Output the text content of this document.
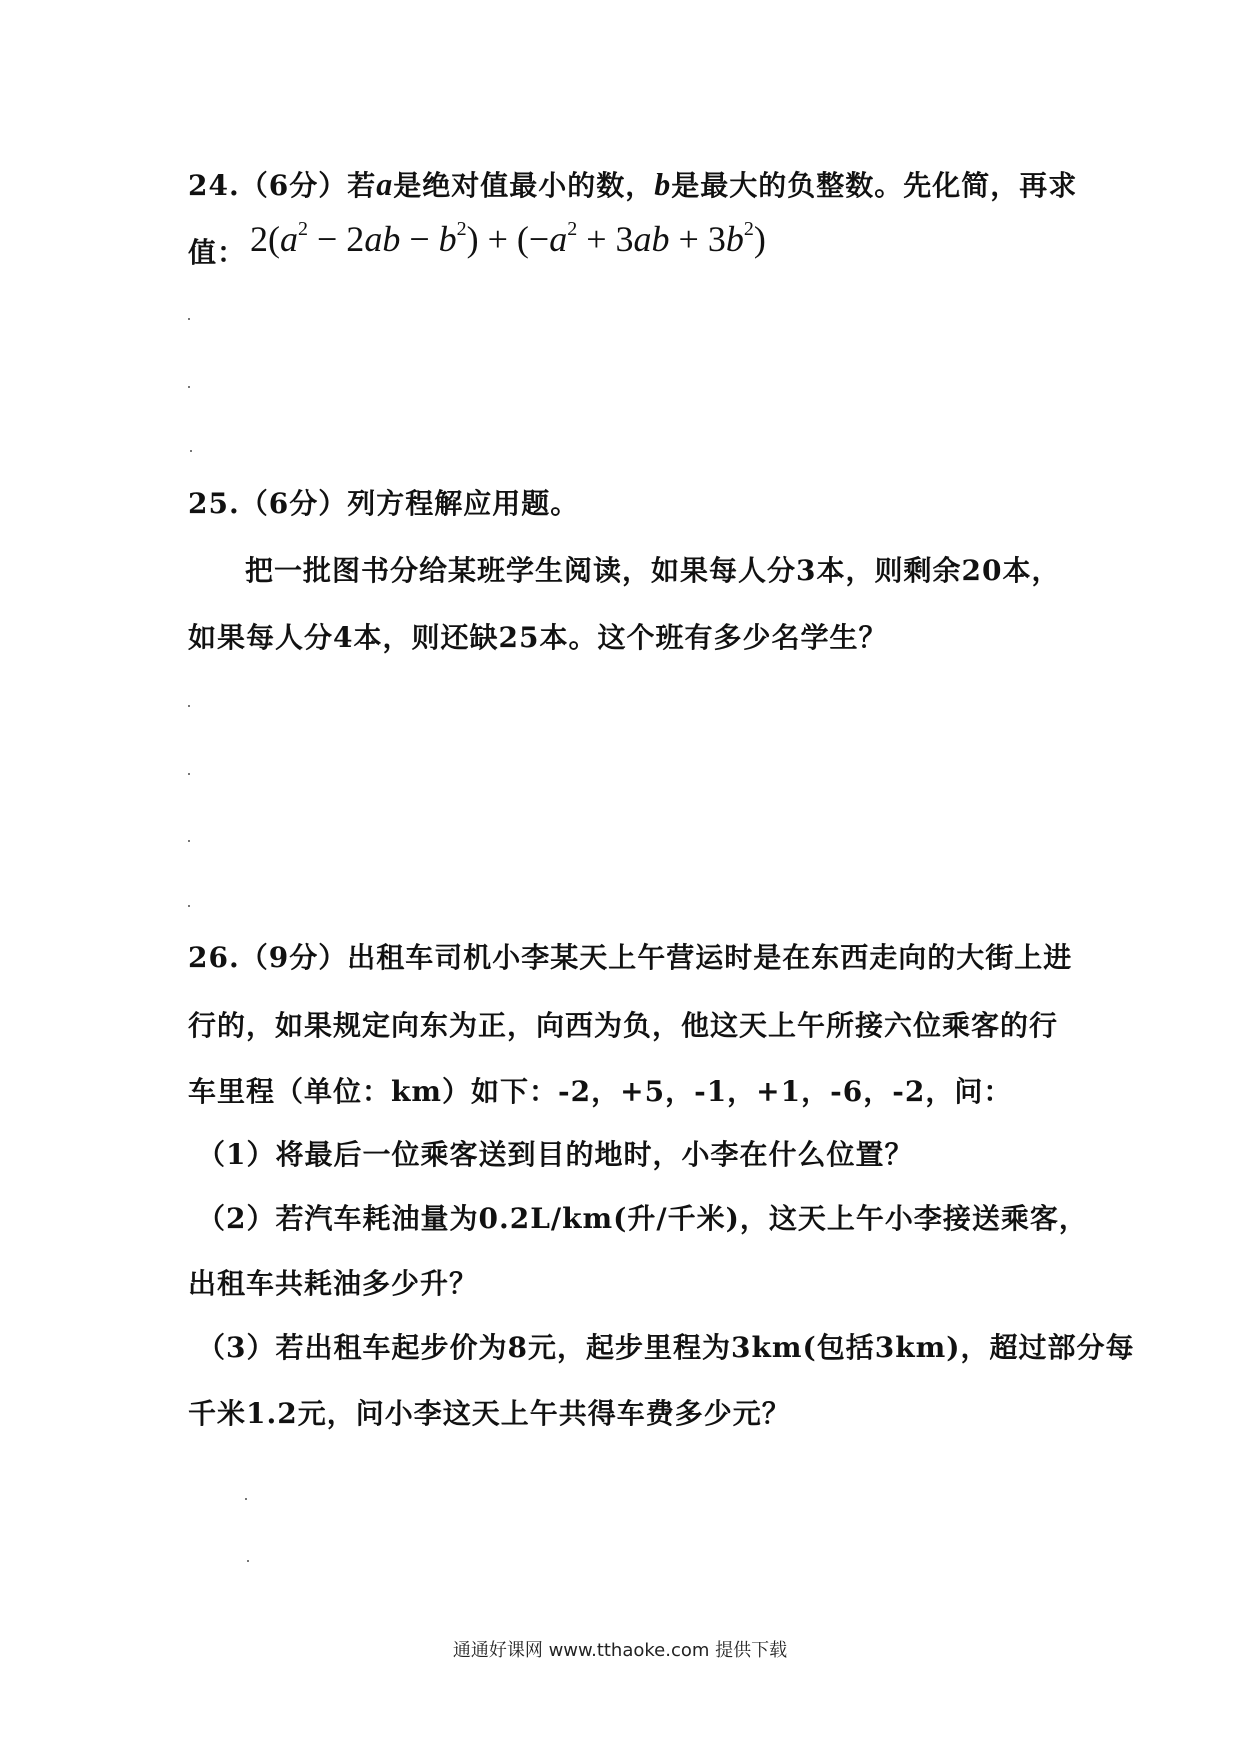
24.（6分）若a是绝对值最小的数，b是最大的负整数。先化简，再求
值： $2(a^2 - 2ab - b^2) + (-a^2 + 3ab + 3b^2)$
25.（6分）列方程解应用题。
把一批图书分给某班学生阅读，如果每人分3本，则剩余20本，
如果每人分4本，则还缺25本。这个班有多少名学生？
26.（9分）出租车司机小李某天上午营运时是在东西走向的大街上进
行的，如果规定向东为正，向西为负，他这天上午所接六位乘客的行
车里程（单位：km）如下：-2，+5，-1，+1，-6，-2，问：
（1）将最后一位乘客送到目的地时，小李在什么位置？
（2）若汽车耗油量为0.2L/km(升/千米)，这天上午小李接送乘客，
出租车共耗油多少升？
（3）若出租车起步价为8元，起步里程为3km(包括3km)，超过部分每
千米1.2元，问小李这天上午共得车费多少元？
通通好课网 www.tthaoke.com 提供下载
